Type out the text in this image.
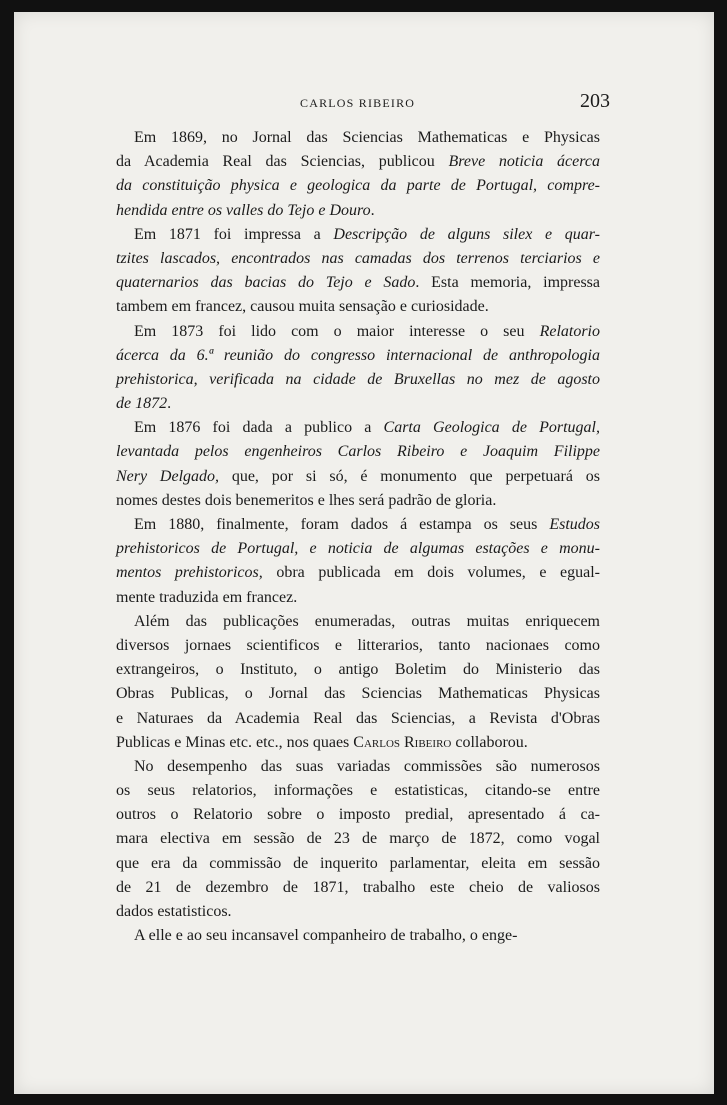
CARLOS RIBEIRO	203
Em 1869, no Jornal das Sciencias Mathematicas e Physicas
da Academia Real das Sciencias, publicou Breve noticia ácerca
da constituição physica e geologica da parte de Portugal, compre-
hendida entre os valles do Tejo e Douro.
Em 1871 foi impressa a Descripção de alguns silex e quar-
tzites lascados, encontrados nas camadas dos terrenos terciarios e
quaternarios das bacias do Tejo e Sado. Esta memoria, impressa
tambem em francez, causou muita sensação e curiosidade.
Em 1873 foi lido com o maior interesse o seu Relatorio
ácerca da 6.ª reunião do congresso internacional de anthropologia
prehistorica, verificada na cidade de Bruxellas no mez de agosto
de 1872.
Em 1876 foi dada a publico a Carta Geologica de Portugal,
levantada pelos engenheiros Carlos Ribeiro e Joaquim Filippe
Nery Delgado, que, por si só, é monumento que perpetuará os
nomes destes dois benemeritos e lhes será padrão de gloria.
Em 1880, finalmente, foram dados á estampa os seus Estudos
prehistoricos de Portugal, e noticia de algumas estações e monu-
mentos prehistoricos, obra publicada em dois volumes, e egual-
mente traduzida em francez.
Além das publicações enumeradas, outras muitas enriquecem
diversos jornaes scientificos e litterarios, tanto nacionaes como
extrangeiros, o Instituto, o antigo Boletim do Ministerio das
Obras Publicas, o Jornal das Sciencias Mathematicas Physicas
e Naturaes da Academia Real das Sciencias, a Revista d'Obras
Publicas e Minas etc. etc., nos quaes Carlos Ribeiro collaborou.
No desempenho das suas variadas commissões são numerosos
os seus relatorios, informações e estatisticas, citando-se entre
outros o Relatorio sobre o imposto predial, apresentado á ca-
mara electiva em sessão de 23 de março de 1872, como vogal
que era da commissão de inquerito parlamentar, eleita em sessão
de 21 de dezembro de 1871, trabalho este cheio de valiosos
dados estatisticos.
A elle e ao seu incansavel companheiro de trabalho, o enge-
